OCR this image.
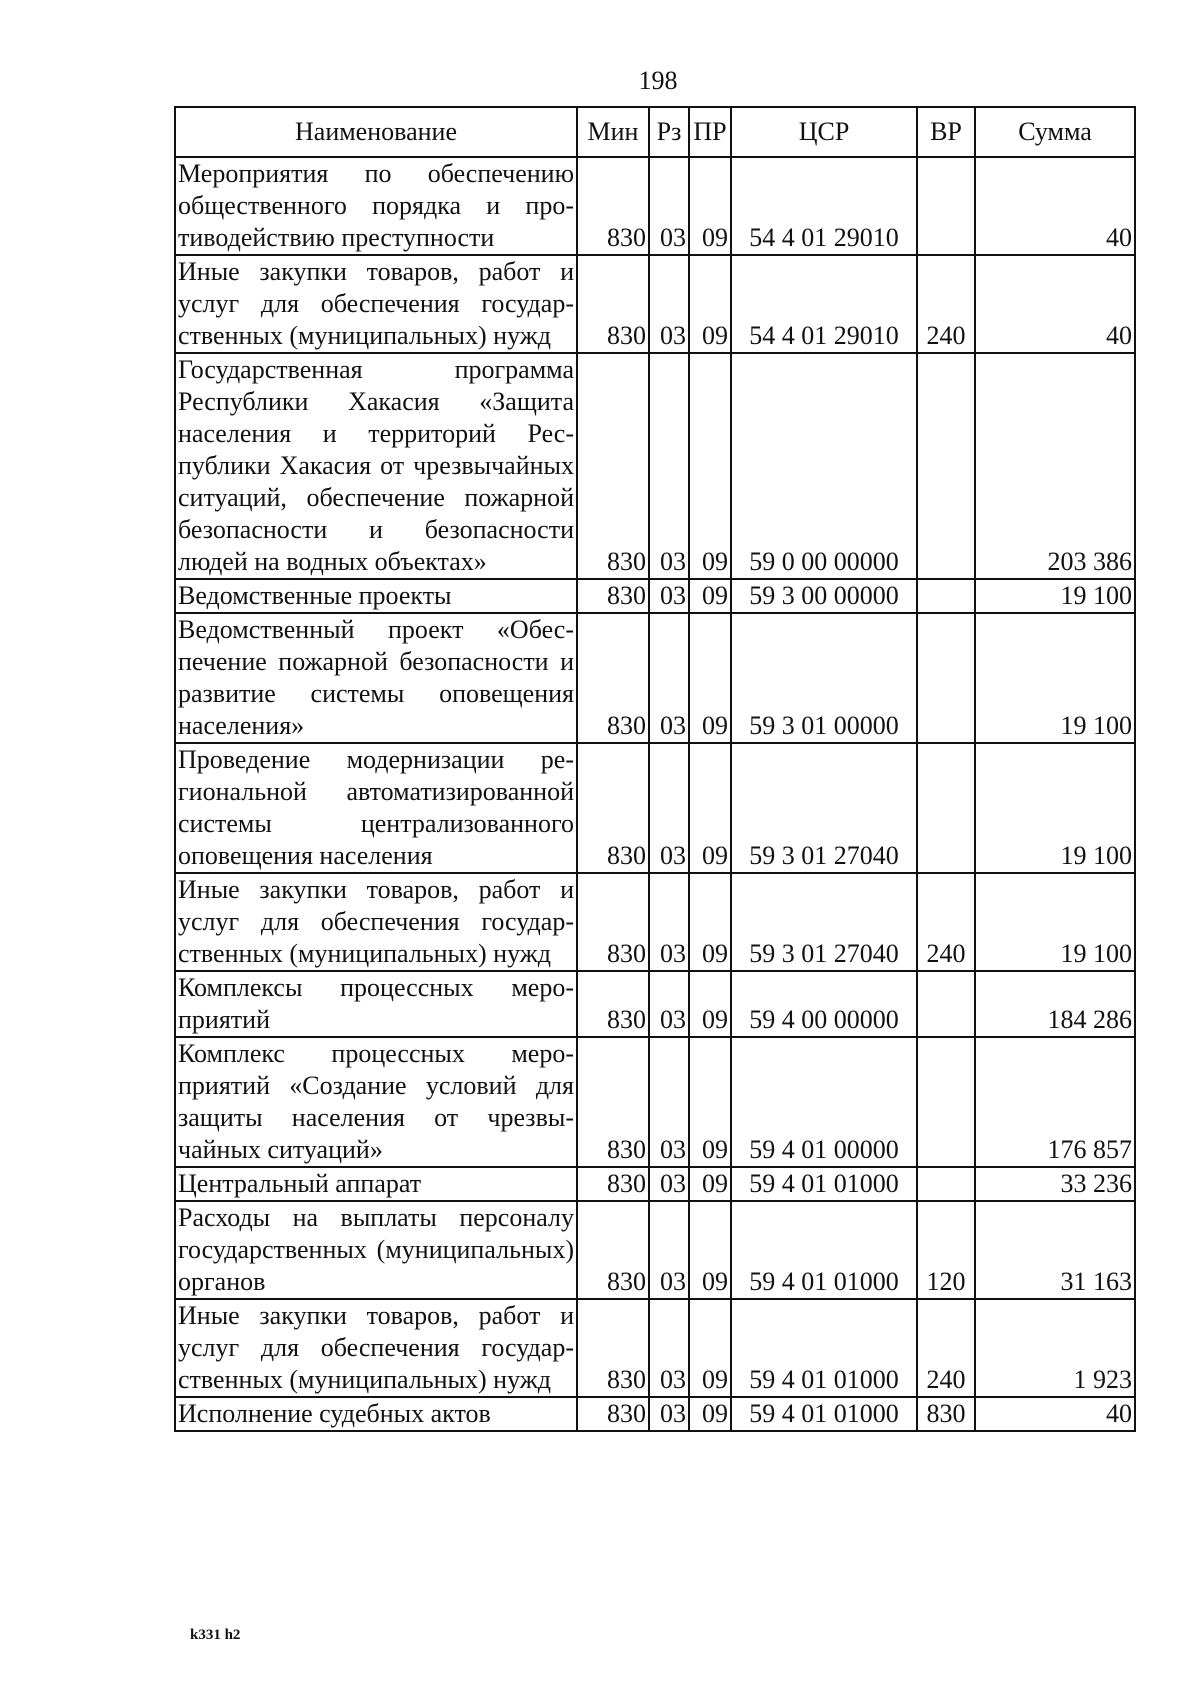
198
Наименование	Мин	Рз	ПР	ЦСР	ВР	Сумма
Мероприятия по обеспечению общественного порядка и противодействию преступности	830	03	09	54 4 01 29010		40
Иные закупки товаров, работ и услуг для обеспечения государственных (муниципальных) нужд	830	03	09	54 4 01 29010	240	40
Государственная программа Республики Хакасия «Защита населения и территорий Республики Хакасия от чрезвычайных ситуаций, обеспечение пожарной безопасности и безопасности людей на водных объектах»	830	03	09	59 0 00 00000		203 386
Ведомственные проекты	830	03	09	59 3 00 00000		19 100
Ведомственный проект «Обеспечение пожарной безопасности и развитие системы оповещения населения»	830	03	09	59 3 01 00000		19 100
Проведение модернизации региональной автоматизированной системы централизованного оповещения населения	830	03	09	59 3 01 27040		19 100
Иные закупки товаров, работ и услуг для обеспечения государственных (муниципальных) нужд	830	03	09	59 3 01 27040	240	19 100
Комплексы процессных мероприятий	830	03	09	59 4 00 00000		184 286
Комплекс процессных мероприятий «Создание условий для защиты населения от чрезвычайных ситуаций»	830	03	09	59 4 01 00000		176 857
Центральный аппарат	830	03	09	59 4 01 01000		33 236
Расходы на выплаты персоналу государственных (муниципальных) органов	830	03	09	59 4 01 01000	120	31 163
Иные закупки товаров, работ и услуг для обеспечения государственных (муниципальных) нужд	830	03	09	59 4 01 01000	240	1 923
Исполнение судебных актов	830	03	09	59 4 01 01000	830	40
k331 h2
